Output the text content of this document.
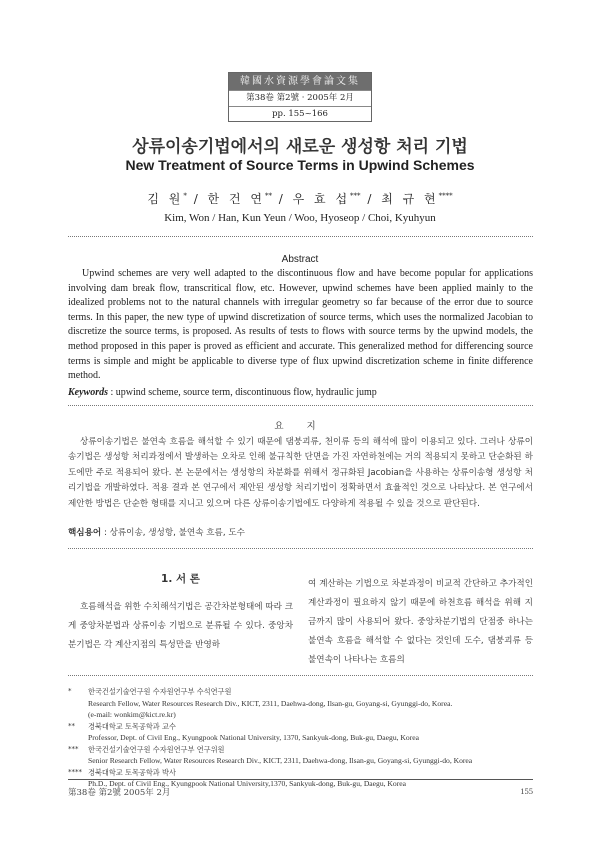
韓國水資源學會論文集
第38卷 第2號 · 2005年 2月
pp. 155~166
상류이송기법에서의 새로운 생성항 처리 기법
New Treatment of Source Terms in Upwind Schemes
김 원* / 한 건 연** / 우 효 섭*** / 최 규 현****
Kim, Won / Han, Kun Yeun / Woo, Hyoseop / Choi, Kyuhyun
Abstract
Upwind schemes are very well adapted to the discontinuous flow and have become popular for applications involving dam break flow, transcritical flow, etc. However, upwind schemes have been applied mainly to the idealized problems not to the natural channels with irregular geometry so far because of the error due to source terms. In this paper, the new type of upwind discretization of source terms, which uses the normalized Jacobian to discretize the source terms, is proposed. As results of tests to flows with source terms by the upwind models, the method proposed in this paper is proved as efficient and accurate. This generalized method for differencing source terms is simple and might be applicable to diverse type of flux upwind discretization scheme in finite difference method.
Keywords : upwind scheme, source term, discontinuous flow, hydraulic jump
요 지
상류이송기법은 불연속 흐름을 해석할 수 있기 때문에 댐붕괴류, 천이류 등의 해석에 많이 이용되고 있다. 그러나 상류이송기법은 생성항 처리과정에서 발생하는 오차로 인해 불규칙한 단면을 가진 자연하천에는 거의 적용되지 못하고 단순화된 하도에만 주로 적용되어 왔다. 본 논문에서는 생성항의 차분화를 위해서 정규화된 Jacobian을 사용하는 상류이송형 생성항 처리기법을 개발하였다. 적용 결과 본 연구에서 제안된 생성항 처리기법이 정확하면서 효율적인 것으로 나타났다. 본 연구에서 제안한 방법은 단순한 형태를 지니고 있으며 다른 상류이송기법에도 다양하게 적용될 수 있을 것으로 판단된다.
핵심용어 : 상류이송, 생성항, 불연속 흐름, 도수
1. 서 론
흐름해석을 위한 수치해석기법은 공간차분형태에 따라 크게 중앙차분법과 상류이송 기법으로 분류될 수 있다. 중앙차분기법은 각 계산지점의 특성만을 반영하
여 계산하는 기법으로 차분과정이 비교적 간단하고 추가적인 계산과정이 필요하지 않기 때문에 하천흐름 해석을 위해 지금까지 많이 사용되어 왔다. 중앙차분기법의 단점중 하나는 불연속 흐름을 해석할 수 없다는 것인데 도수, 댐붕괴류 등 불연속이 나타나는 흐름의
*	한국건설기술연구원 수자원연구부 수석연구원
Research Fellow, Water Resources Research Div., KICT, 2311, Daehwa-dong, Ilsan-gu, Goyang-si, Gyunggi-do, Korea.
(e-mail: wonkim@kict.re.kr)
**	경북대학교 토목공학과 교수
Professor, Dept. of Civil Eng., Kyungpook National University, 1370, Sankyuk-dong, Buk-gu, Daegu, Korea
***	한국건설기술연구원 수자원연구부 연구위원
Senior Research Fellow, Water Resources Research Div., KICT, 2311, Daehwa-dong, Ilsan-gu, Goyang-si, Gyunggi-do, Korea
**** 경북대학교 토목공학과 박사
Ph.D., Dept. of Civil Eng., Kyungpook National University,1370, Sankyuk-dong, Buk-gu, Daegu, Korea
第38卷 第2號 2005年 2月	155
